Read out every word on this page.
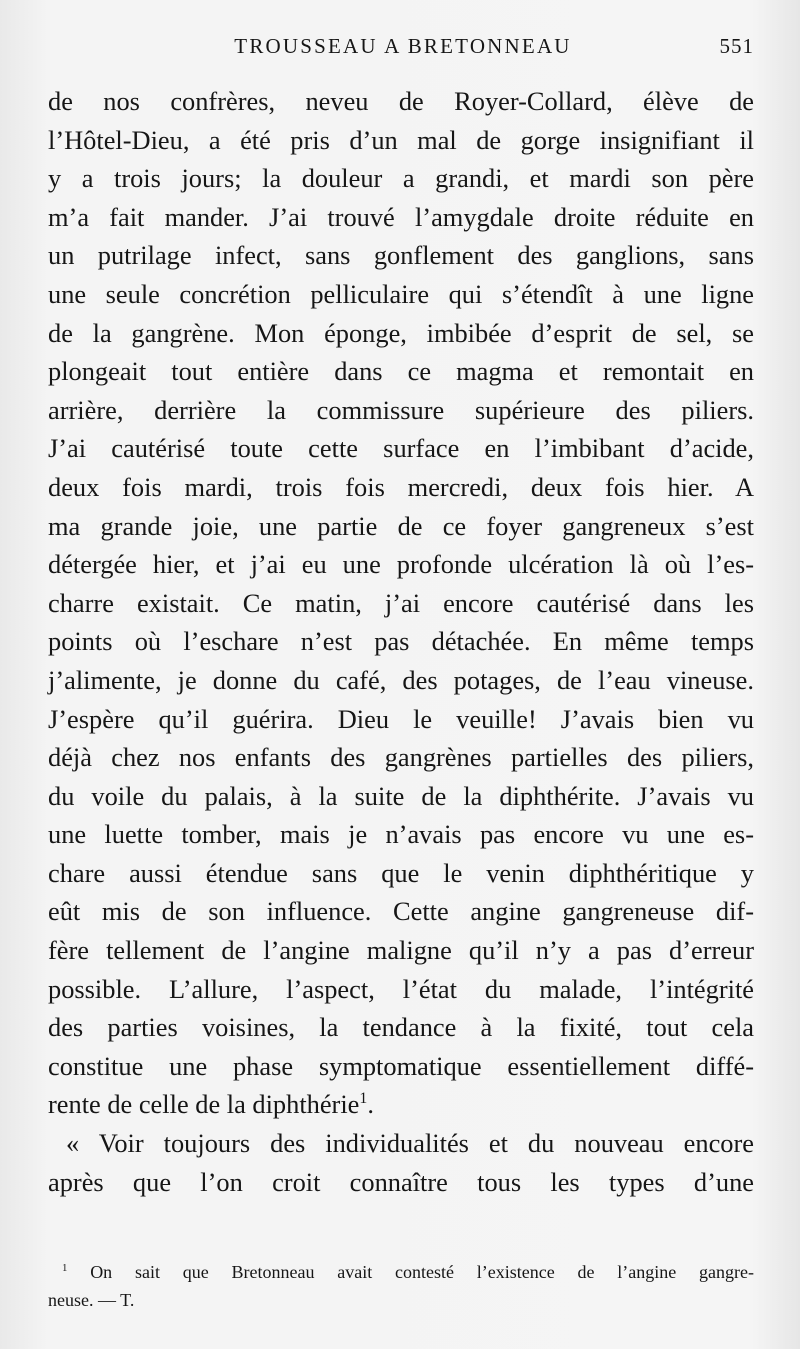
TROUSSEAU A BRETONNEAU	551
de nos confrères, neveu de Royer-Collard, élève de
l’Hôtel-Dieu, a été pris d’un mal de gorge insignifiant il
y a trois jours; la douleur a grandi, et mardi son père
m’a fait mander. J’ai trouvé l’amygdale droite réduite en
un putrilage infect, sans gonflement des ganglions, sans
une seule concrétion pelliculaire qui s’étendît à une ligne
de la gangrène. Mon éponge, imbibée d’esprit de sel, se
plongeait tout entière dans ce magma et remontait en
arrière, derrière la commissure supérieure des piliers.
J’ai cautérisé toute cette surface en l’imbibant d’acide,
deux fois mardi, trois fois mercredi, deux fois hier. A
ma grande joie, une partie de ce foyer gangreneux s’est
détergée hier, et j’ai eu une profonde ulcération là où l’es-
charre existait. Ce matin, j’ai encore cautérisé dans les
points où l’eschare n’est pas détachée. En même temps
j’alimente, je donne du café, des potages, de l’eau vineuse.
J’espère qu’il guérira. Dieu le veuille! J’avais bien vu
déjà chez nos enfants des gangrènes partielles des piliers,
du voile du palais, à la suite de la diphthérite. J’avais vu
une luette tomber, mais je n’avais pas encore vu une es-
chare aussi étendue sans que le venin diphthéritique y
eût mis de son influence. Cette angine gangreneuse dif-
fère tellement de l’angine maligne qu’il n’y a pas d’erreur
possible. L’allure, l’aspect, l’état du malade, l’intégrité
des parties voisines, la tendance à la fixité, tout cela
constitue une phase symptomatique essentiellement diffé-
rente de celle de la diphthérie$^1$.
« Voir toujours des individualités et du nouveau encore
après que l’on croit connaître tous les types d’une
$^1$ On sait que Bretonneau avait contesté l’existence de l’angine gangre-
neuse. — T.
